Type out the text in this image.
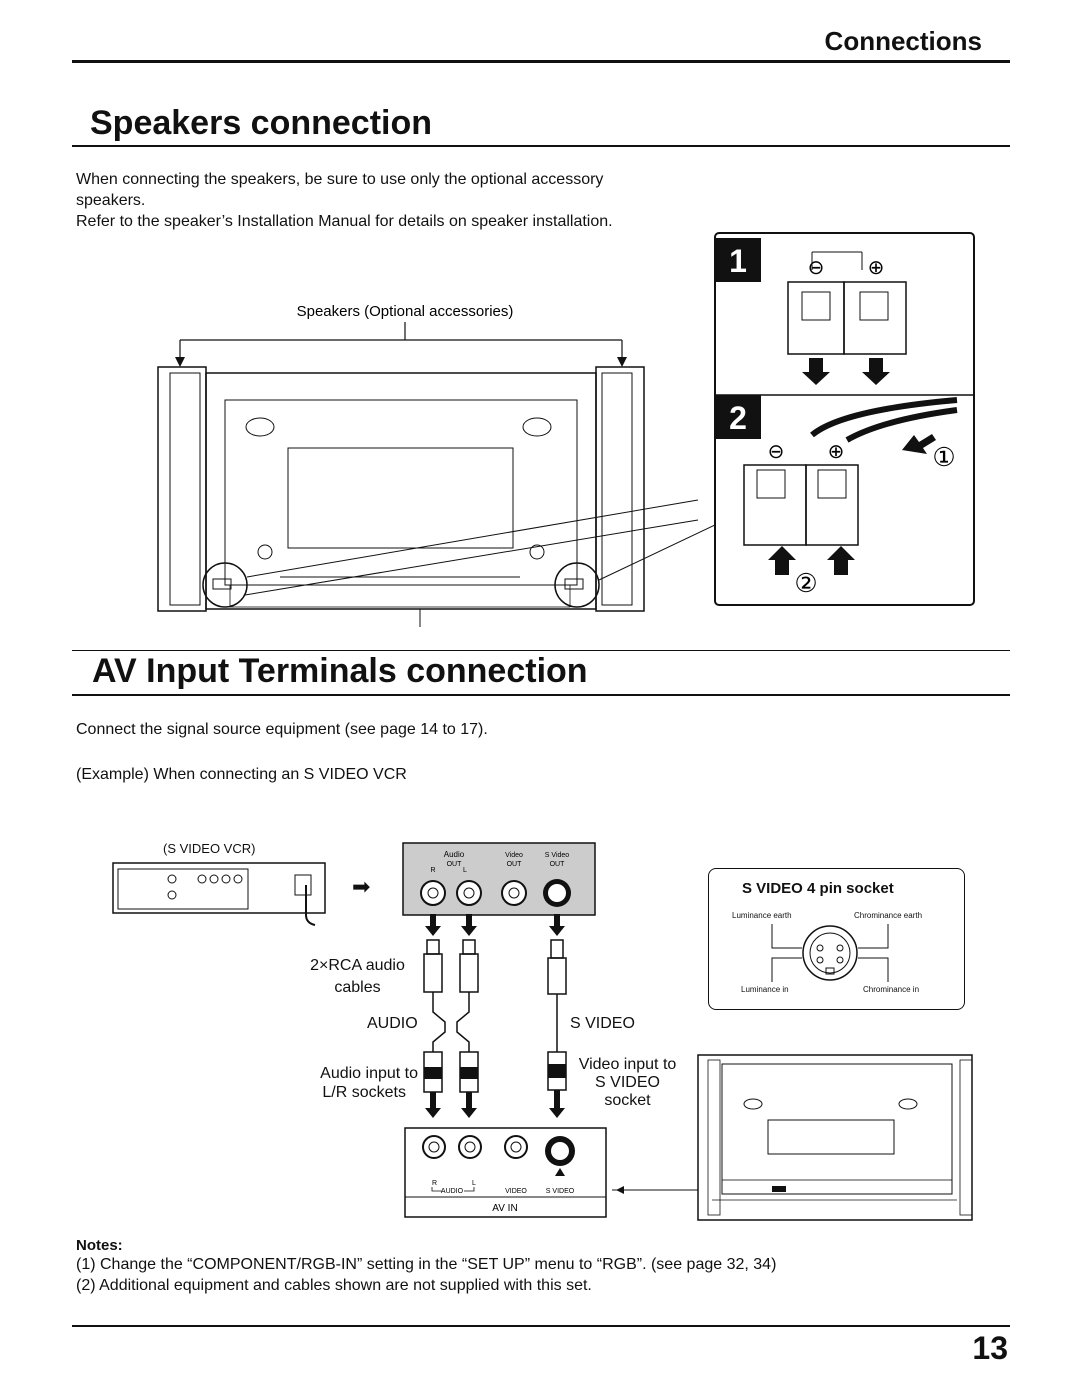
Connections
Speakers connection
When connecting the speakers, be sure to use only the optional accessory
speakers.
Refer to the speaker’s Installation Manual for details on speaker installation.
Speakers (Optional accessories)
1	⊖ ⊕
2
⊖ ⊕	①
②
AV Input Terminals connection
Connect the signal source equipment (see page 14 to 17).
(Example) When connecting an S VIDEO VCR
(S VIDEO VCR)
➡
Audio
OUT
R	L
Video
OUT
S Video
OUT
2×RCA audio
cables
AUDIO	S VIDEO
Audio input to
L/R sockets
Video input to
S VIDEO
socket
R	L
AUDIO	VIDEO	S VIDEO
AV IN
S VIDEO 4 pin socket
Luminance earth	Chrominance earth
Luminance in	Chrominance in
Notes:
(1) Change the “COMPONENT/RGB-IN” setting in the “SET UP” menu to “RGB”. (see page 32, 34)
(2) Additional equipment and cables shown are not supplied with this set.
13
